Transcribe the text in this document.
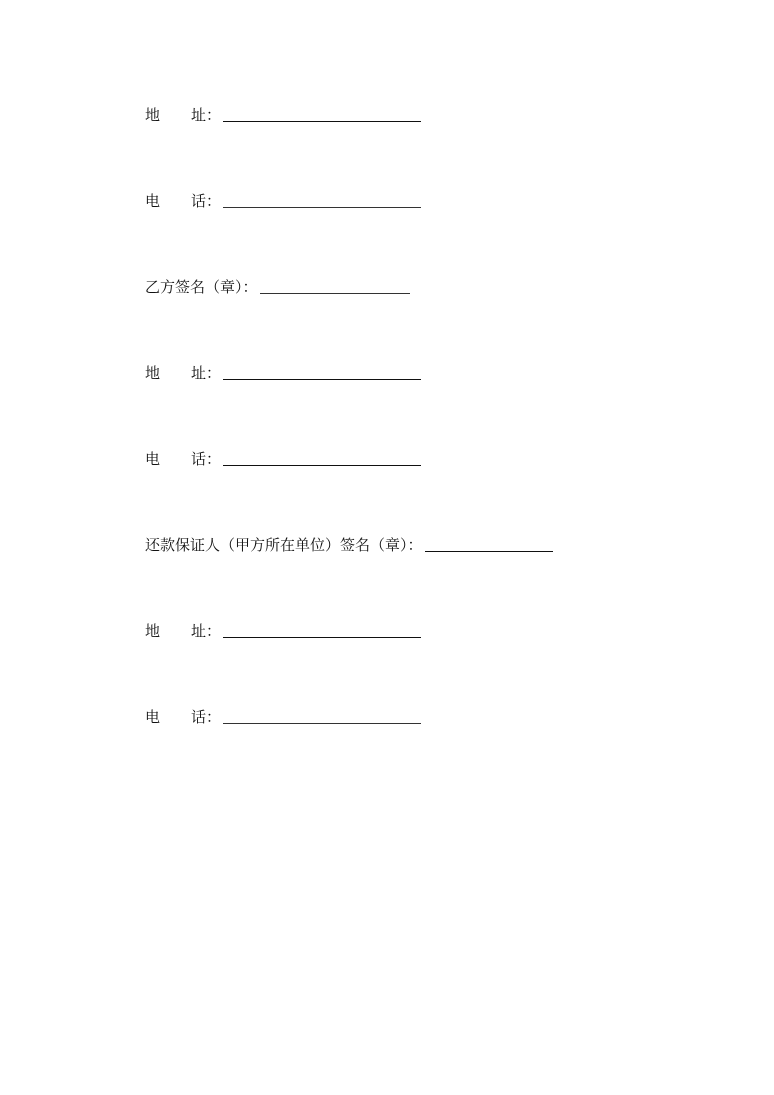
地 址：
电 话：
乙方签名（章）：
地 址：
电 话：
还款保证人（甲方所在单位）签名（章）：
地 址：
电 话：
